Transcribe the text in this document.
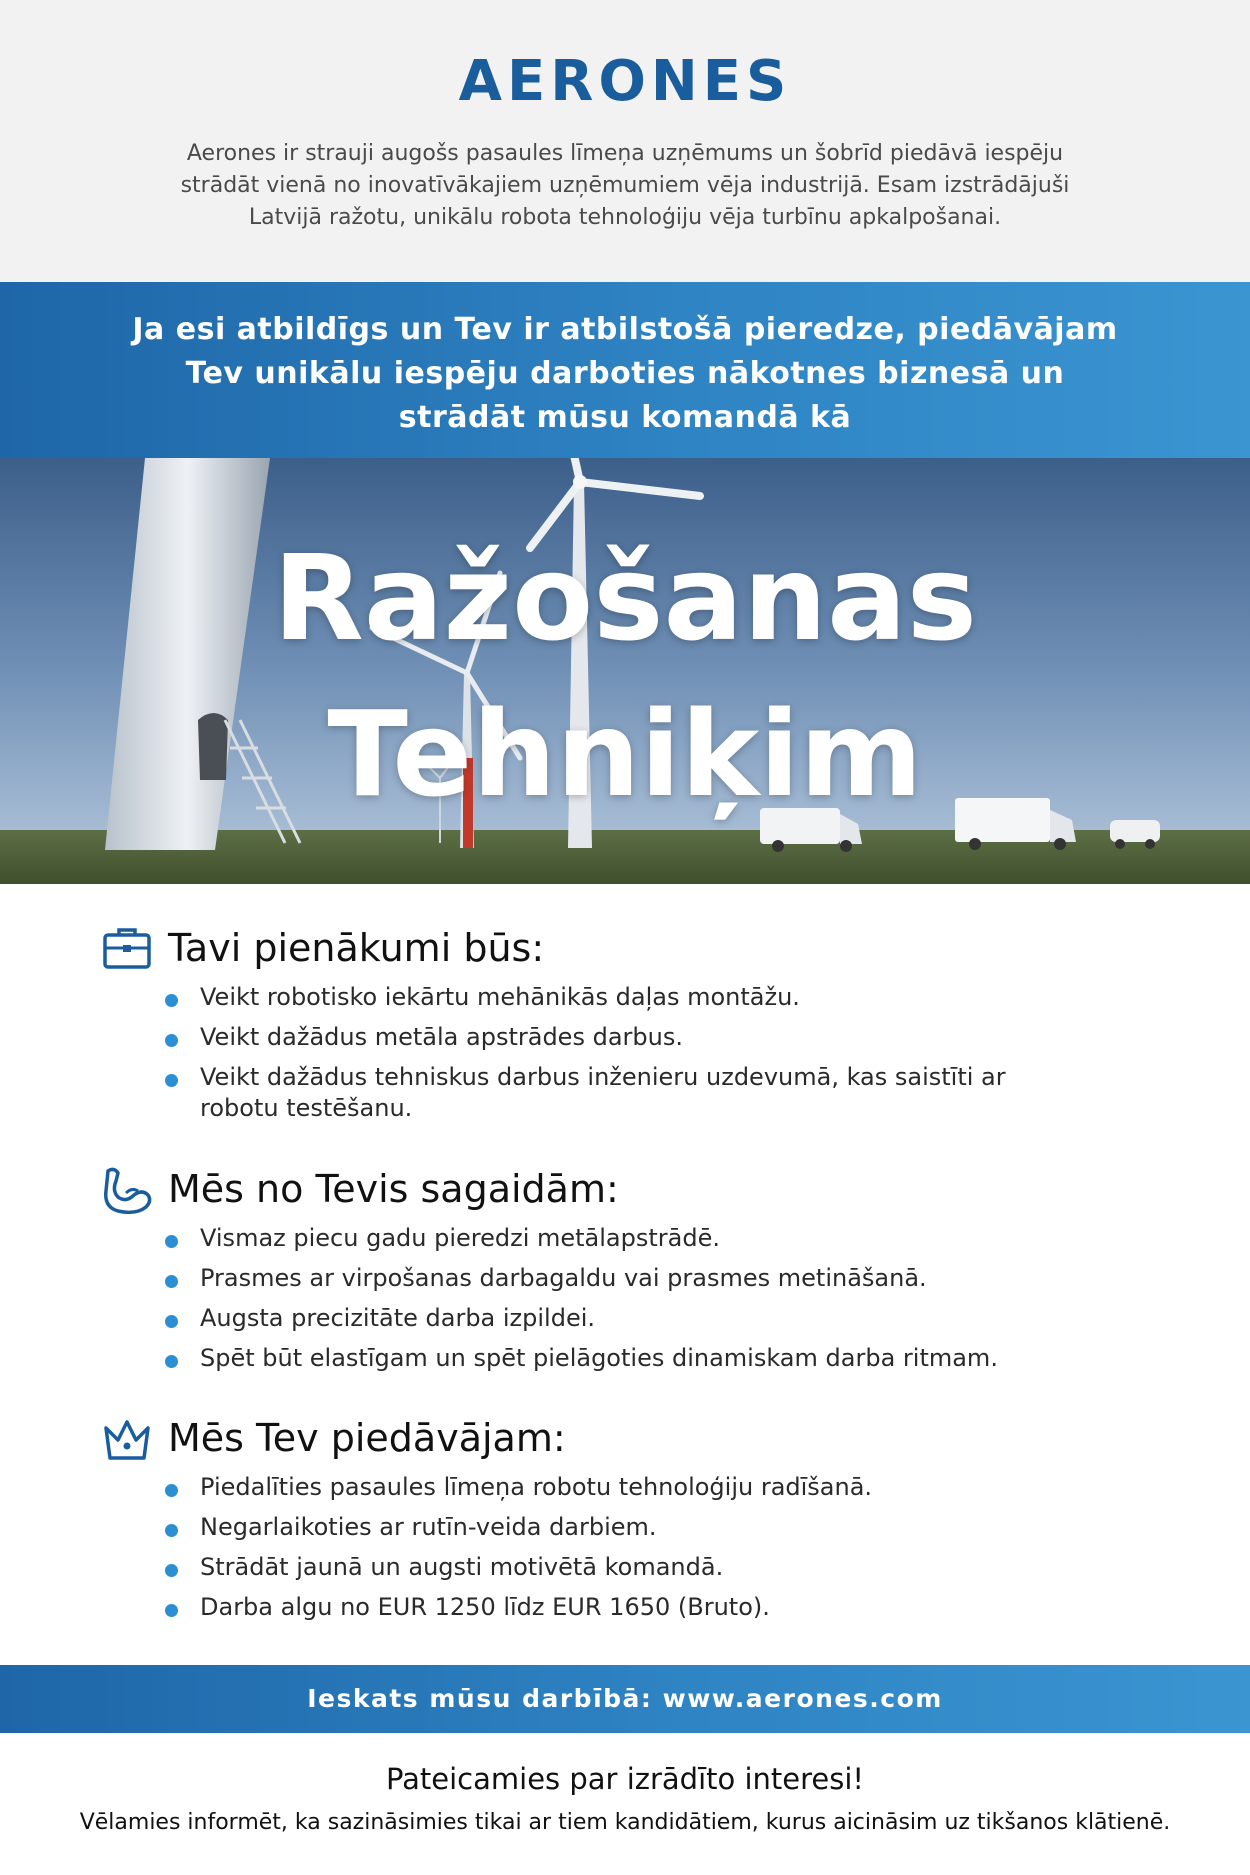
AERONES
Aerones ir strauji augošs pasaules līmeņa uzņēmums un šobrīd piedāvā iespēju strādāt vienā no inovatīvākajiem uzņēmumiem vēja industrijā. Esam izstrādājuši Latvijā ražotu, unikālu robota tehnoloģiju vēja turbīnu apkalpošanai.
Ja esi atbildīgs un Tev ir atbilstošā pieredze, piedāvājam
Tev unikālu iespēju darboties nākotnes biznesā un
strādāt mūsu komandā kā
Ražošanas
Tehniķim
Tavi pienākumi būs:
Veikt robotisko iekārtu mehānikās daļas montāžu.
Veikt dažādus metāla apstrādes darbus.
Veikt dažādus tehniskus darbus inženieru uzdevumā, kas saistīti ar robotu testēšanu.
Mēs no Tevis sagaidām:
Vismaz piecu gadu pieredzi metālapstrādē.
Prasmes ar virpošanas darbagaldu vai prasmes metināšanā.
Augsta precizitāte darba izpildei.
Spēt būt elastīgam un spēt pielāgoties dinamiskam darba ritmam.
Mēs Tev piedāvājam:
Piedalīties pasaules līmeņa robotu tehnoloģiju radīšanā.
Negarlaikoties ar rutīn-veida darbiem.
Strādāt jaunā un augsti motivētā komandā.
Darba algu no EUR 1250 līdz EUR 1650 (Bruto).
Ieskats mūsu darbībā: www.aerones.com
Pateicamies par izrādīto interesi!
Vēlamies informēt, ka sazināsimies tikai ar tiem kandidātiem, kurus aicināsim uz tikšanos klātienē.
